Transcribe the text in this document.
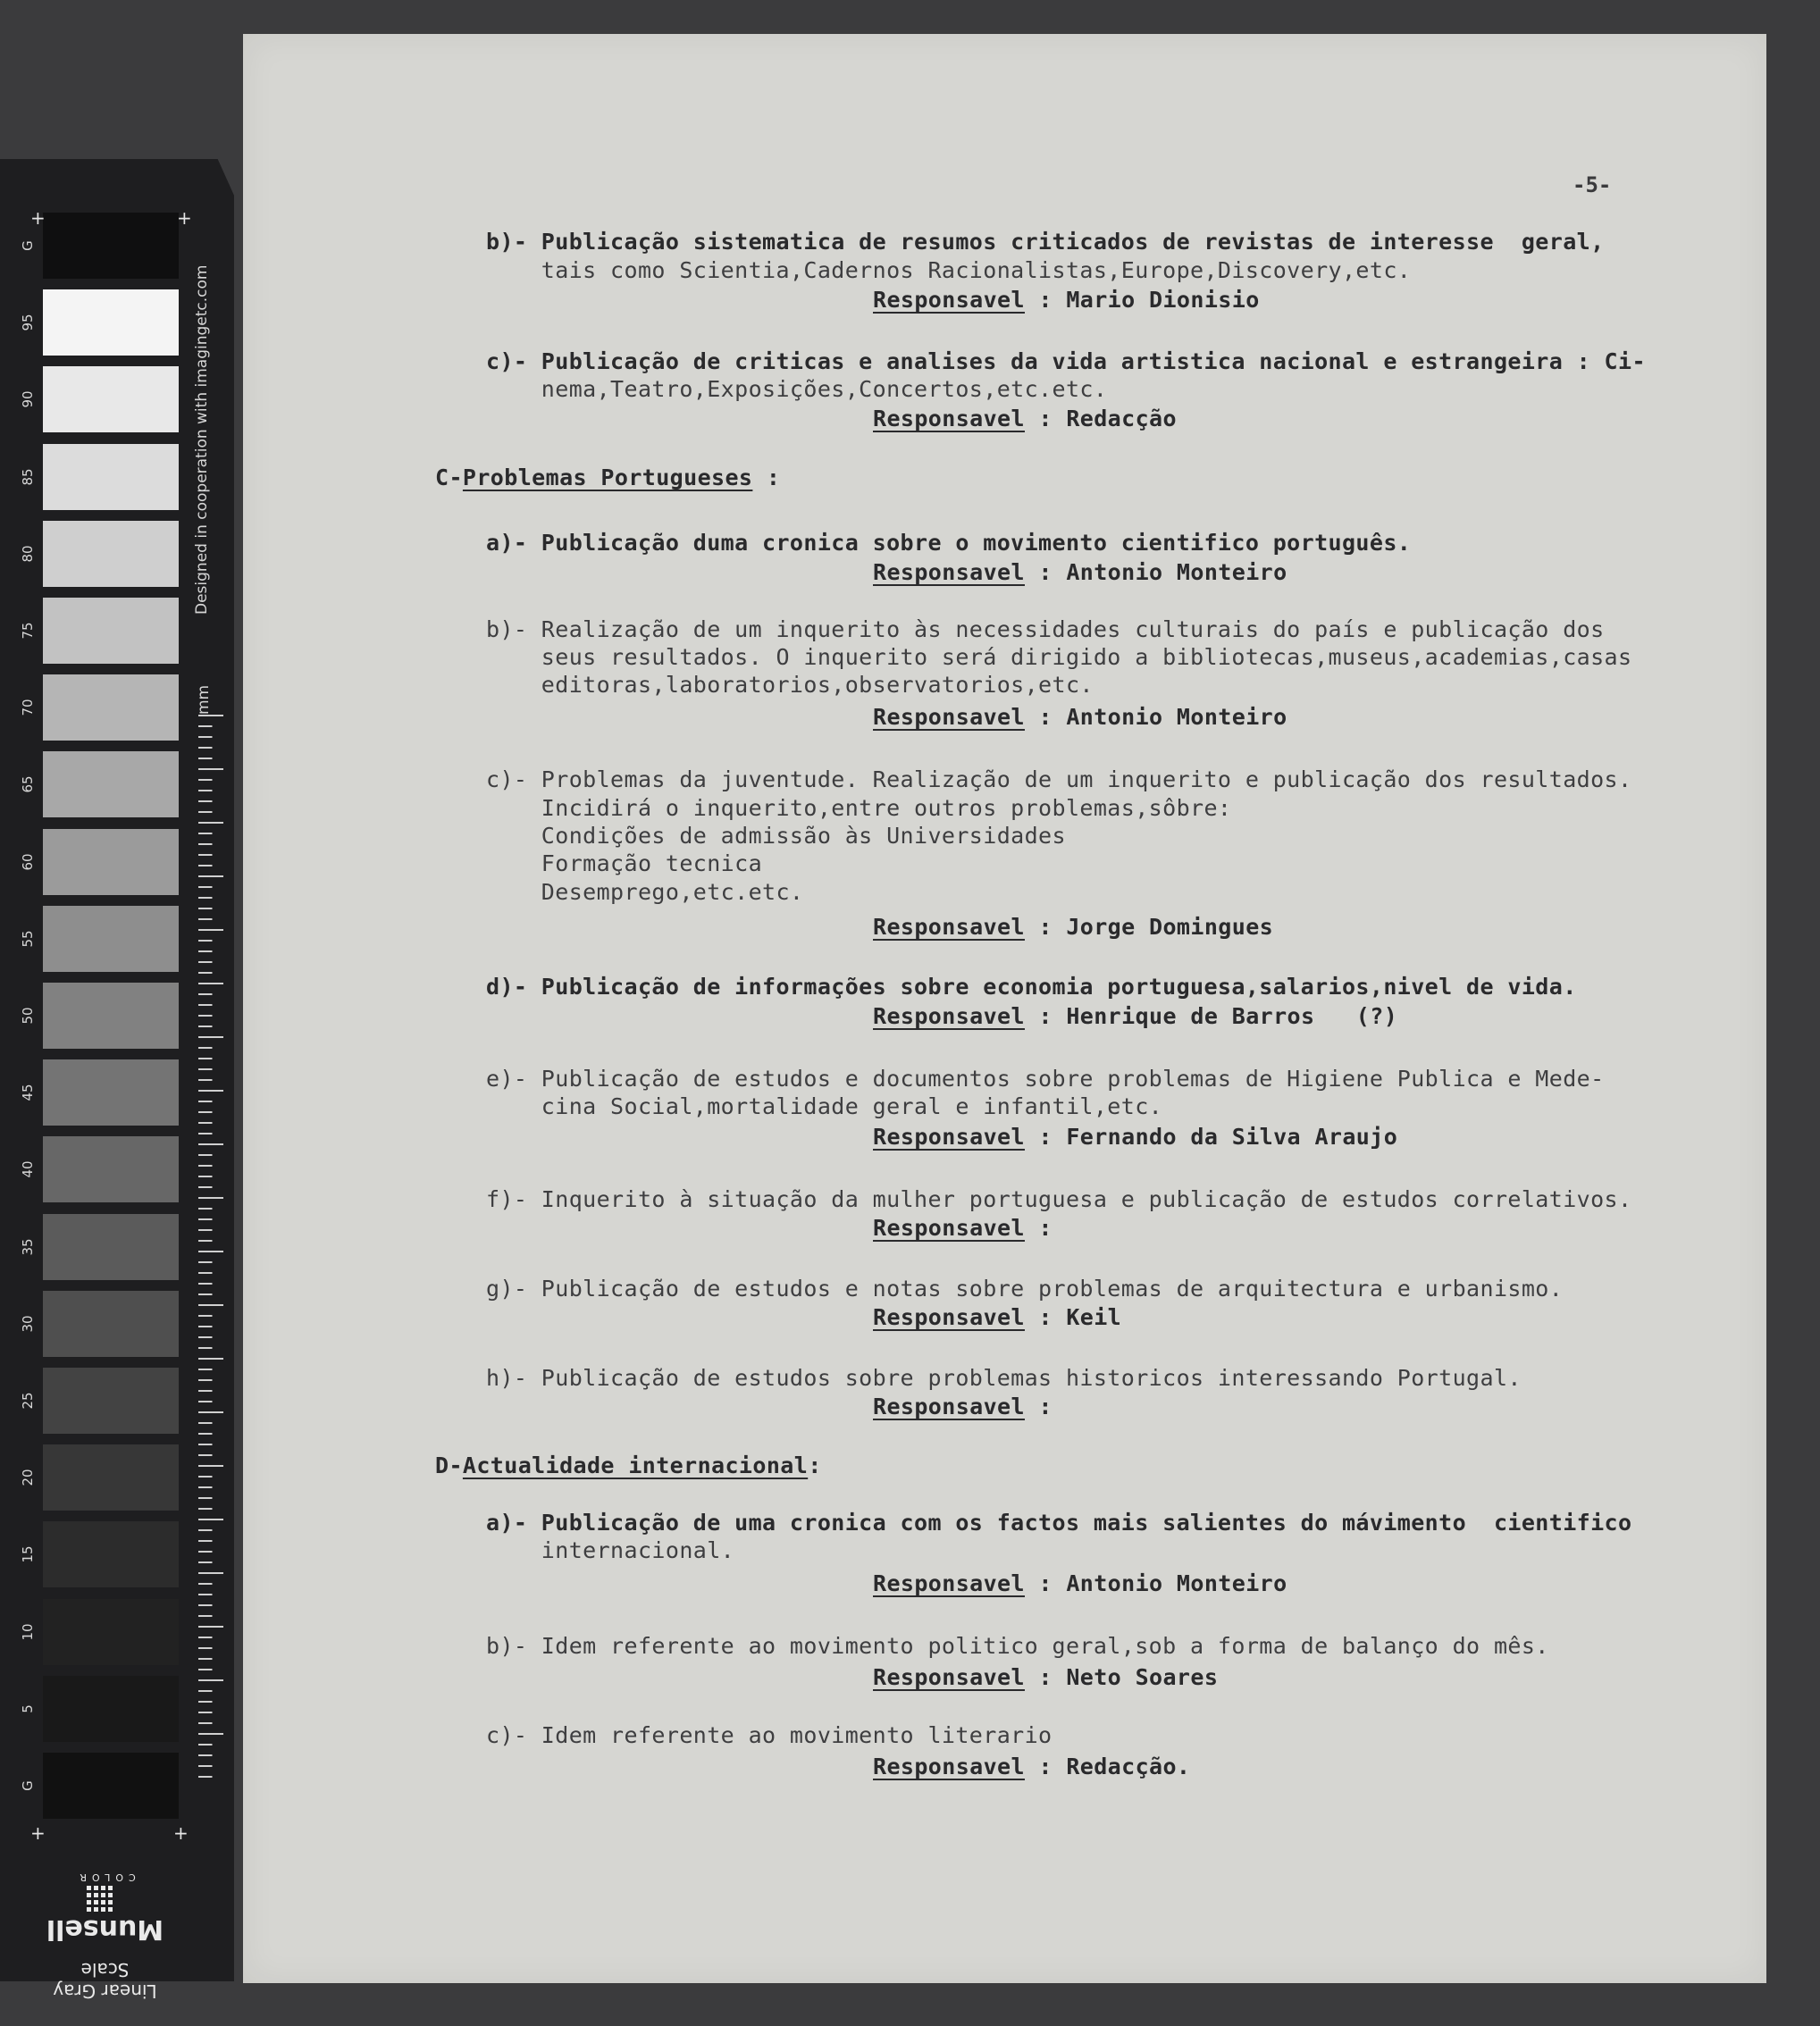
G
95
90
85
80
75
70
65
60
55
50
45
40
35
30
25
20
15
10
5
G
+	+
+	+
Designed in cooperation with imagingetc.com
mm
Linear Gray Scale
Munsell
COLOR
-5-
b)- Publicação sistematica de resumos criticados de revistas de interesse  geral,
tais como Scientia,Cadernos Racionalistas,Europe,Discovery,etc.
Responsavel : Mario Dionisio
c)- Publicação de criticas e analises da vida artistica nacional e estrangeira : Ci-
nema,Teatro,Exposições,Concertos,etc.etc.
Responsavel : Redacção
C-Problemas Portugueses :
a)- Publicação duma cronica sobre o movimento cientifico português.
Responsavel : Antonio Monteiro
b)- Realização de um inquerito às necessidades culturais do país e publicação dos
seus resultados. O inquerito será dirigido a bibliotecas,museus,academias,casas
editoras,laboratorios,observatorios,etc.
Responsavel : Antonio Monteiro
c)- Problemas da juventude. Realização de um inquerito e publicação dos resultados.
Incidirá o inquerito,entre outros problemas,sôbre:
Condições de admissão às Universidades
Formação tecnica
Desemprego,etc.etc.
Responsavel : Jorge Domingues
d)- Publicação de informações sobre economia portuguesa,salarios,nivel de vida.
Responsavel : Henrique de Barros   (?)
e)- Publicação de estudos e documentos sobre problemas de Higiene Publica e Mede-
cina Social,mortalidade geral e infantil,etc.
Responsavel : Fernando da Silva Araujo
f)- Inquerito à situação da mulher portuguesa e publicação de estudos correlativos.
Responsavel :
g)- Publicação de estudos e notas sobre problemas de arquitectura e urbanismo.
Responsavel : Keil
h)- Publicação de estudos sobre problemas historicos interessando Portugal.
Responsavel :
D-Actualidade internacional:
a)- Publicação de uma cronica com os factos mais salientes do mávimento  cientifico
internacional.
Responsavel : Antonio Monteiro
b)- Idem referente ao movimento politico geral,sob a forma de balanço do mês.
Responsavel : Neto Soares
c)- Idem referente ao movimento literario
Responsavel : Redacção.
